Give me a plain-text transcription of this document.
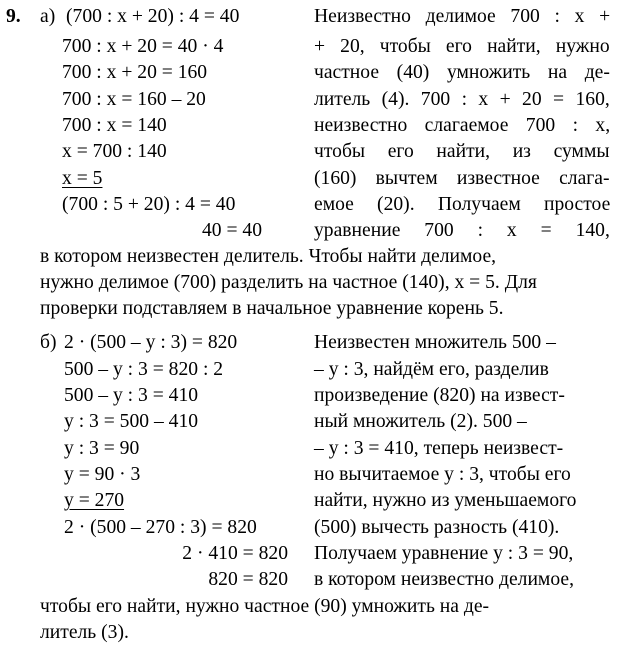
9. а) (700 : x + 20) : 4 = 40
700 : x + 20 = 40 · 4
700 : x + 20 = 160
700 : x = 160 – 20
700 : x = 140
x = 700 : 140
x = 5
(700 : 5 + 20) : 4 = 40
40 = 40
Неизвестно делимое 700 : x +
+ 20, чтобы его найти, нужно
частное (40) умножить на де-
литель (4). 700 : x + 20 = 160,
неизвестно слагаемое 700 : x,
чтобы его найти, из суммы
(160) вычтем известное слага-
емое (20). Получаем простое
уравнение 700 : x = 140,
в котором неизвестен делитель. Чтобы найти делимое,
нужно делимое (700) разделить на частное (140), x = 5. Для
проверки подставляем в начальное уравнение корень 5.
б) 2 · (500 – y : 3) = 820
500 – y : 3 = 820 : 2
500 – y : 3 = 410
y : 3 = 500 – 410
y : 3 = 90
y = 90 · 3
y = 270
2 · (500 – 270 : 3) = 820
2 · 410 = 820
820 = 820
Неизвестен множитель 500 –
– y : 3, найдём его, разделив
произведение (820) на извест-
ный множитель (2). 500 –
– y : 3 = 410, теперь неизвест-
но вычитаемое y : 3, чтобы его
найти, нужно из уменьшаемого
(500) вычесть разность (410).
Получаем уравнение y : 3 = 90,
в котором неизвестно делимое,
чтобы его найти, нужно частное (90) умножить на де-
литель (3).
